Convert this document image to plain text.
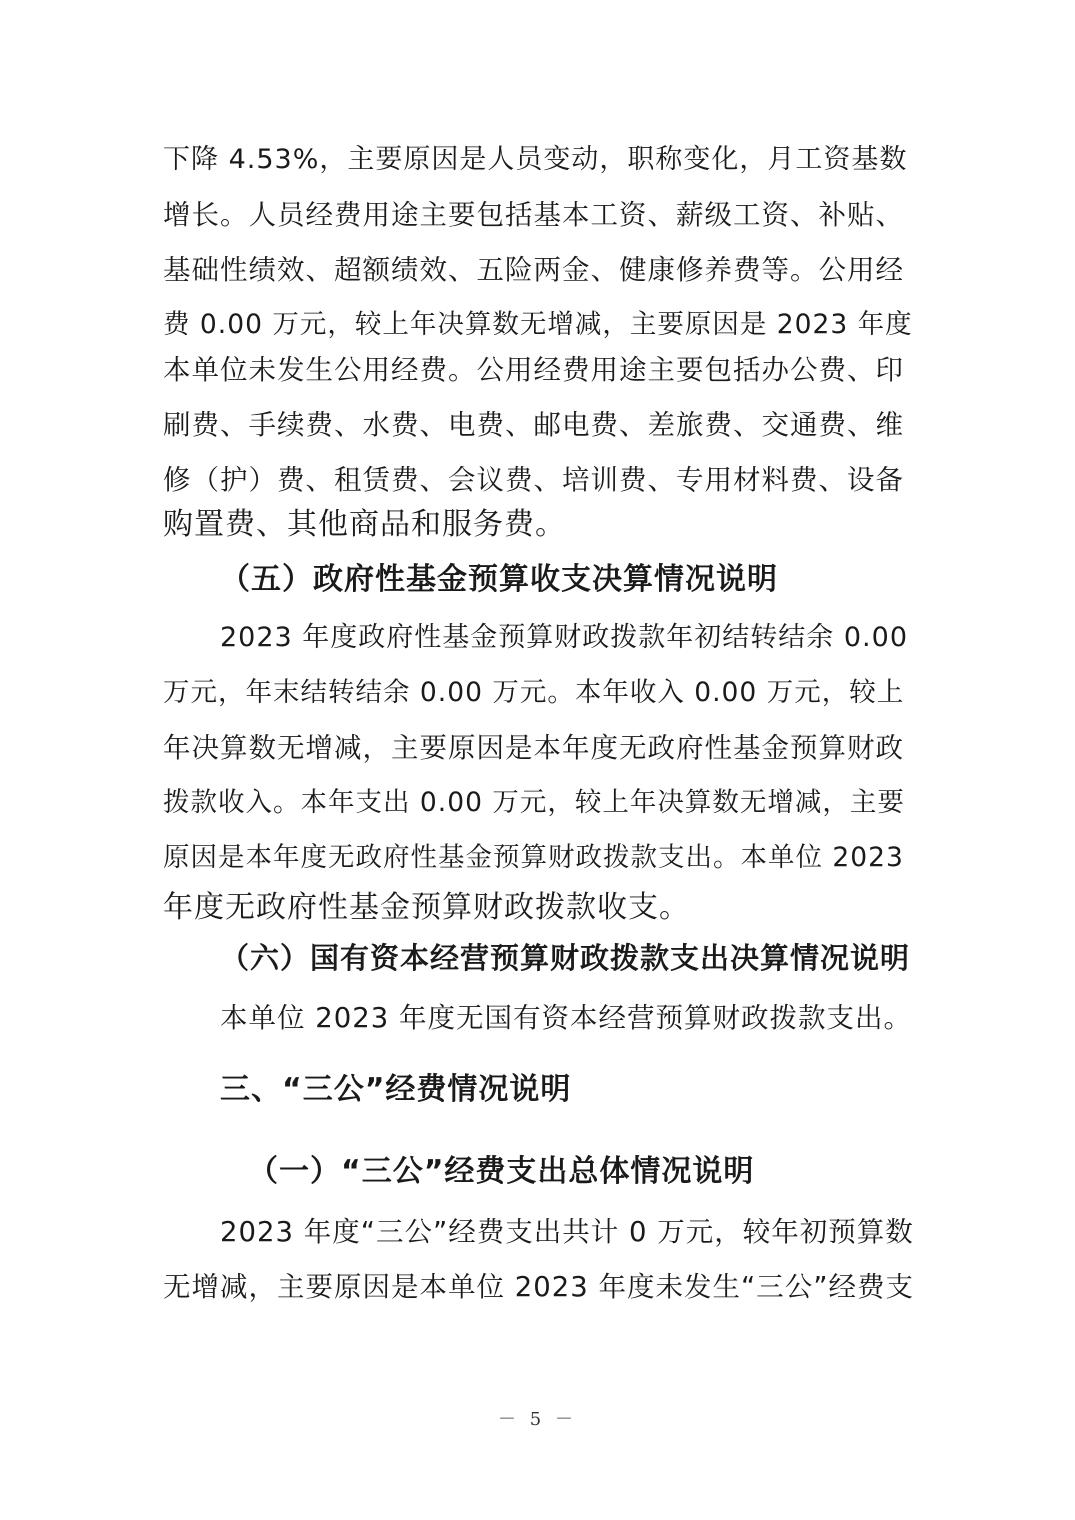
下降 4.53%，主要原因是人员变动，职称变化，月工资基数
增长。人员经费用途主要包括基本工资、薪级工资、补贴、
基础性绩效、超额绩效、五险两金、健康修养费等。公用经
费 0.00 万元，较上年决算数无增减，主要原因是 2023 年度
本单位未发生公用经费。公用经费用途主要包括办公费、印
刷费、手续费、水费、电费、邮电费、差旅费、交通费、维
修（护）费、租赁费、会议费、培训费、专用材料费、设备
购置费、其他商品和服务费。
（五）政府性基金预算收支决算情况说明
2023 年度政府性基金预算财政拨款年初结转结余 0.00
万元，年末结转结余 0.00 万元。本年收入 0.00 万元，较上
年决算数无增减，主要原因是本年度无政府性基金预算财政
拨款收入。本年支出 0.00 万元，较上年决算数无增减，主要
原因是本年度无政府性基金预算财政拨款支出。本单位 2023
年度无政府性基金预算财政拨款收支。
（六）国有资本经营预算财政拨款支出决算情况说明
本单位 2023 年度无国有资本经营预算财政拨款支出。
三、“三公”经费情况说明
（一）“三公”经费支出总体情况说明
2023 年度“三公”经费支出共计 0 万元，较年初预算数
无增减，主要原因是本单位 2023 年度未发生“三公”经费支
－ 5 －
